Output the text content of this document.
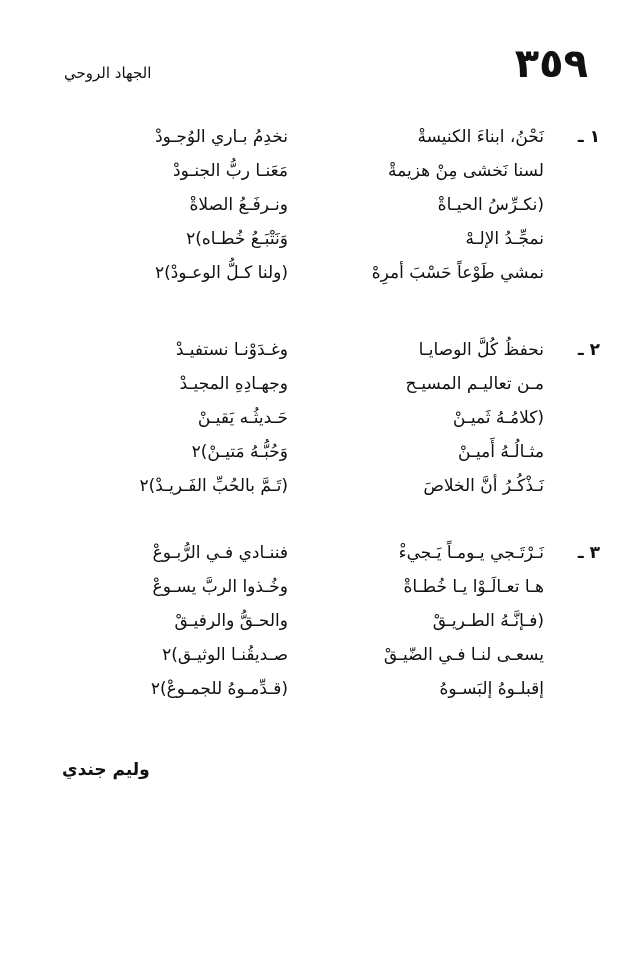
٣٥٩
الجهاد الروحي
١ ـ
نَحْنُ، ابناءَ الكنيسةْ
نخدِمُ بـاري الوُجـودْ
لسنا نَخشى مِنْ هزيمةْ
مَعَنـا ربُّ الجنـودْ
(نكـرِّسُ الحيـاةْ
ونـرفَـعُ الصلاةْ
نمجِّـدُ الإلـهْ
وَنَتْبَـعُ خُطـاه)٢
نمشي طَوْعاً حَسْبَ أمرِهْ
(ولنا كـلُّ الوعـودْ)٢
٢ ـ
نحفظُ كُلَّ الوصايـا
وغـدَوْنـا نستفيـدْ
مـن تعاليـم المسيـح
وجهـادِهِ المجيـدْ
(كلامُـهُ ثَميـنْ
حَـديثُـه يَقيـنْ
مثـالُـهُ أَميـنْ
وَحُبُّـهُ مَتيـنْ)٢
نَـذْكُـرُ أنَّ الخلاصَ
(تَـمَّ بالحُبِّ الفَـريـدْ)٢
٣ ـ
نَـرْتَـجي يـومـاً يَـجيءْ
فننـادي فـي الرُّبـوعْ
هـا تعـالَـوْا يـا خُطـاةْ
وخُـذوا الربَّ يسـوعْ
(فـإنَّـهُ الطـريـقْ
والحـقُّ والرفيـقْ
يسعـى لنـا فـي الضّيـقْ
صـديقُنـا الوثيـق)٢
إقبلـوهُ إلبَسـوهُ
(قـدِّمـوهُ للجمـوعْ)٢
وليم جندي
